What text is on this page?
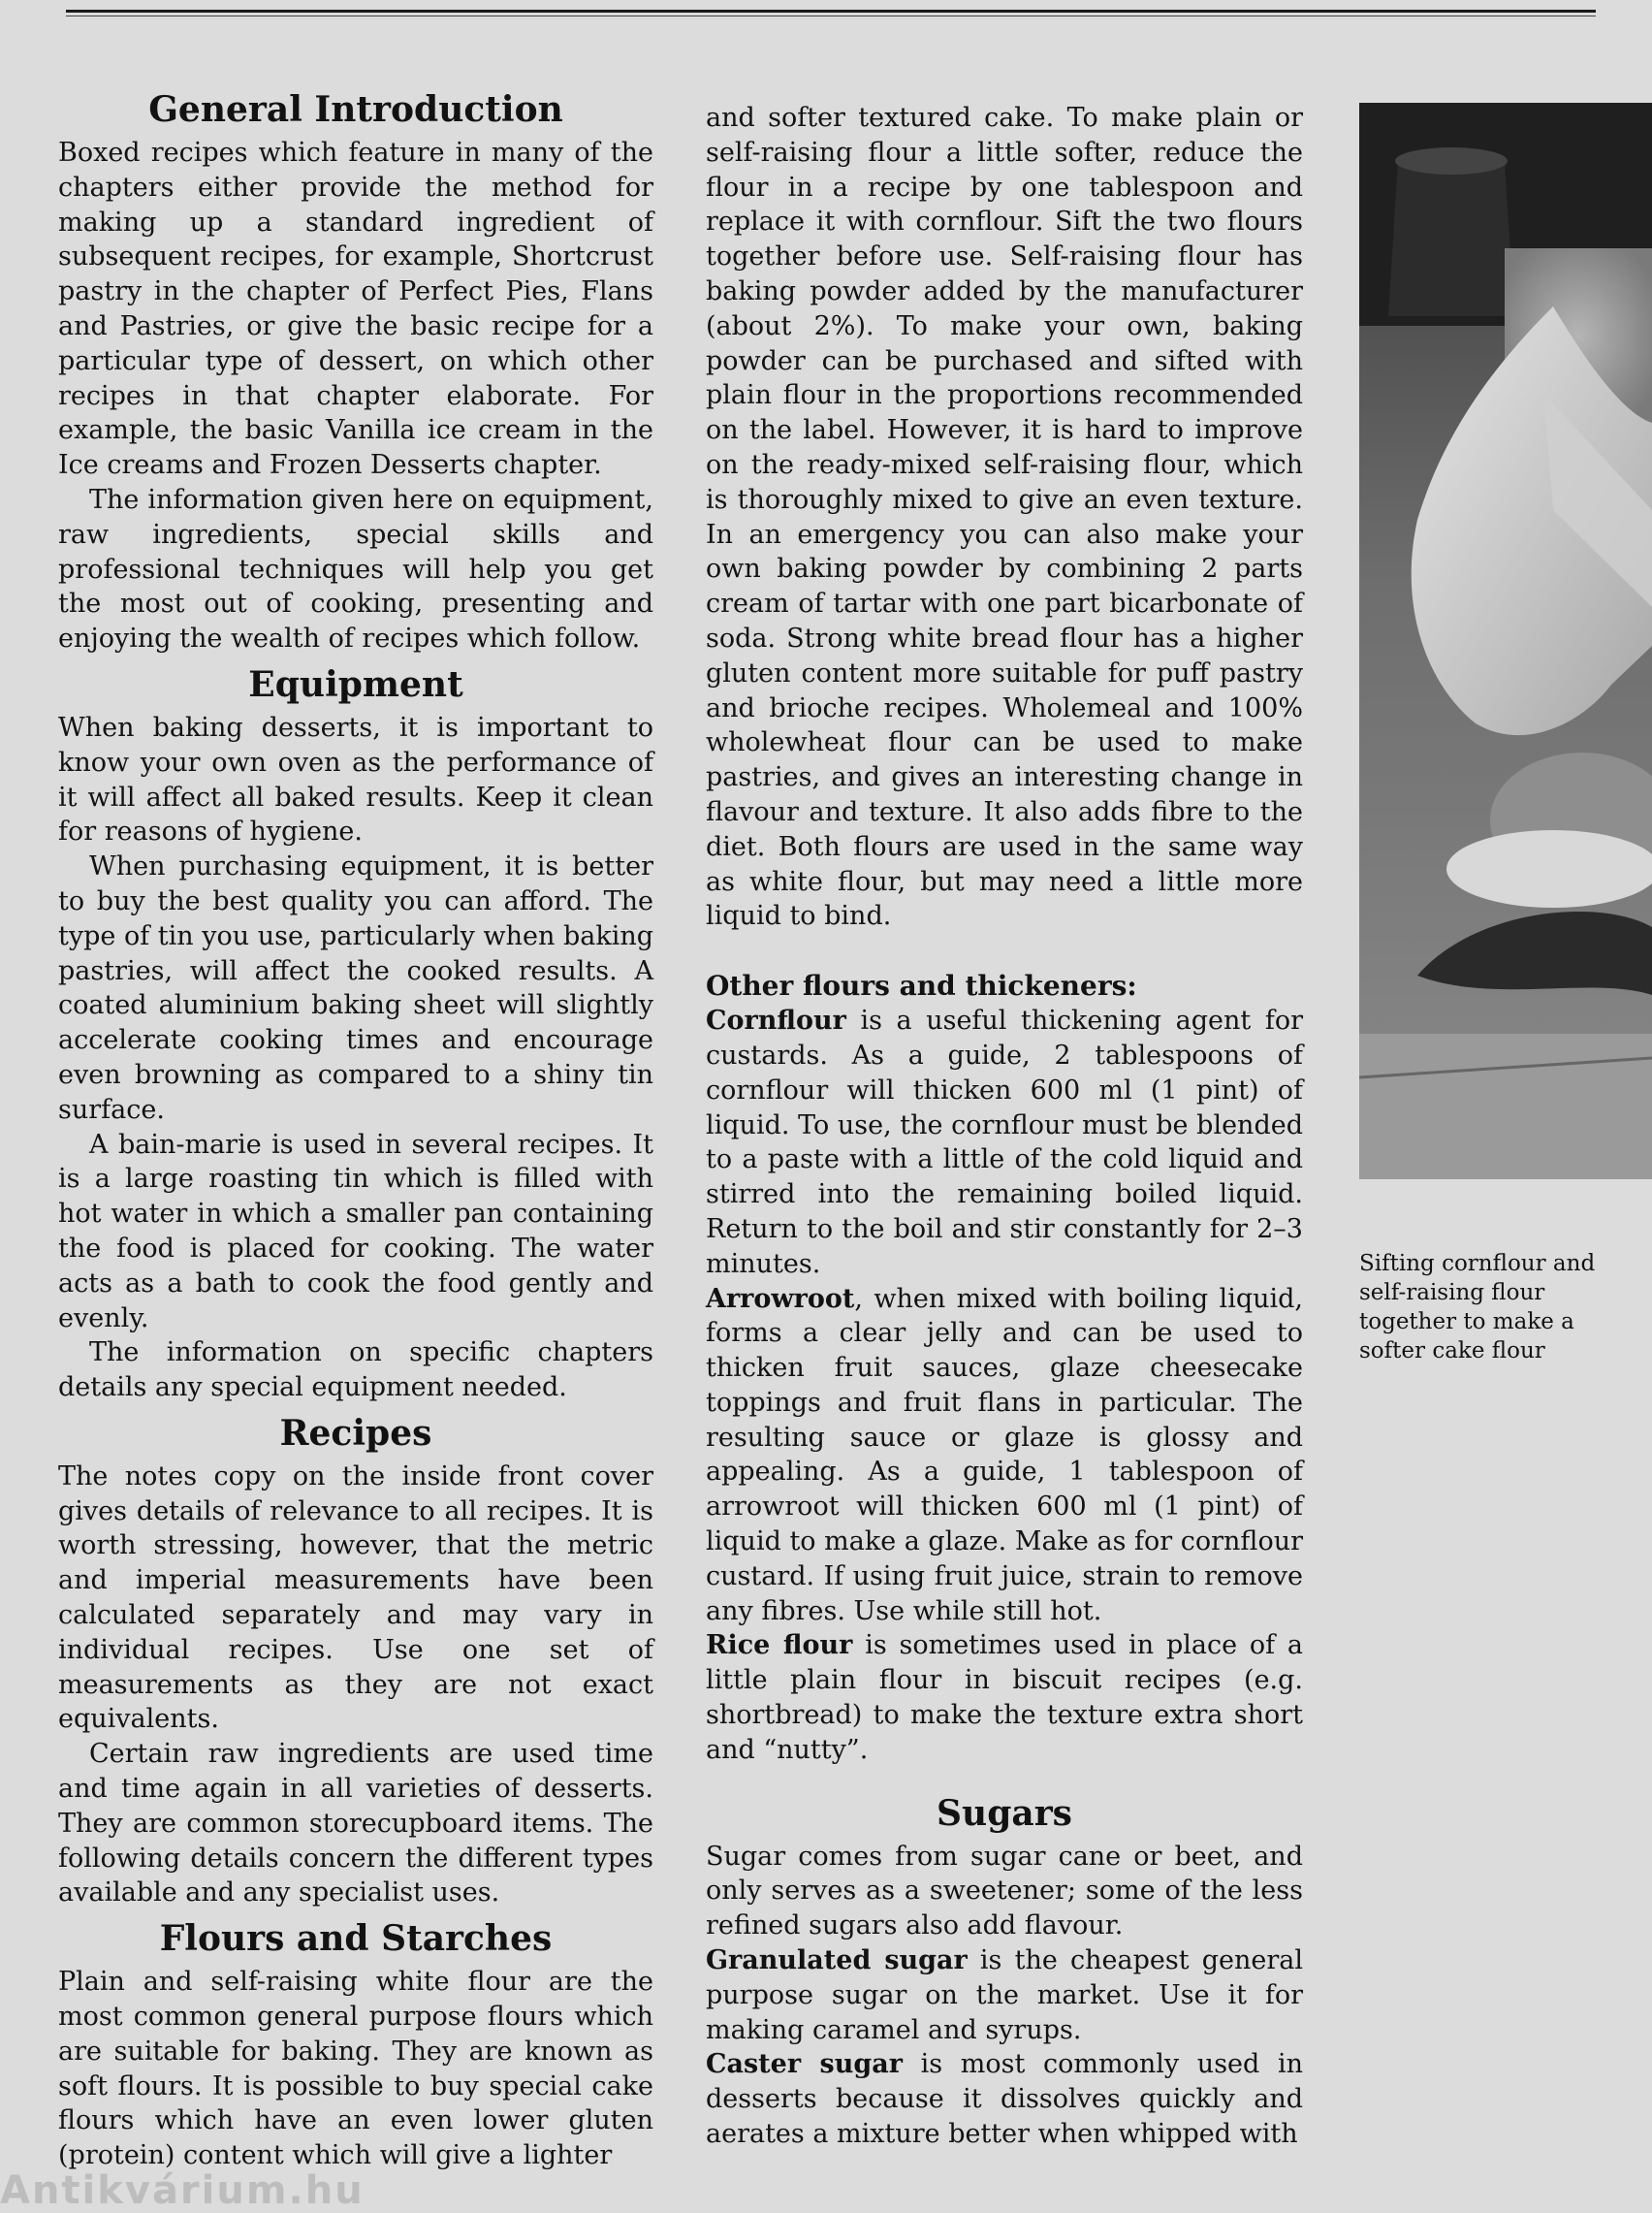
General Introduction

Boxed recipes which feature in many of the chapters either provide the method for making up a standard ingredient of subsequent recipes, for example, Shortcrust pastry in the chapter of Perfect Pies, Flans and Pastries, or give the basic recipe for a particular type of dessert, on which other recipes in that chapter elaborate. For example, the basic Vanilla ice cream in the Ice creams and Frozen Desserts chapter.

The information given here on equipment, raw ingredients, special skills and professional techniques will help you get the most out of cooking, presenting and enjoying the wealth of recipes which follow.

Equipment

When baking desserts, it is important to know your own oven as the performance of it will affect all baked results. Keep it clean for reasons of hygiene.

When purchasing equipment, it is better to buy the best quality you can afford. The type of tin you use, particularly when baking pastries, will affect the cooked results. A coated aluminium baking sheet will slightly accelerate cooking times and encourage even browning as compared to a shiny tin surface.

A bain-marie is used in several recipes. It is a large roasting tin which is filled with hot water in which a smaller pan containing the food is placed for cooking. The water acts as a bath to cook the food gently and evenly.

The information on specific chapters details any special equipment needed.

Recipes

The notes copy on the inside front cover gives details of relevance to all recipes. It is worth stressing, however, that the metric and imperial measurements have been calculated separately and may vary in individual recipes. Use one set of measurements as they are not exact equivalents.

Certain raw ingredients are used time and time again in all varieties of desserts. They are common storecupboard items. The following details concern the different types available and any specialist uses.

Flours and Starches

Plain and self-raising white flour are the most common general purpose flours which are suitable for baking. They are known as soft flours. It is possible to buy special cake flours which have an even lower gluten (protein) content which will give a lighter

and softer textured cake. To make plain or self-raising flour a little softer, reduce the flour in a recipe by one tablespoon and replace it with cornflour. Sift the two flours together before use. Self-raising flour has baking powder added by the manufacturer (about 2%). To make your own, baking powder can be purchased and sifted with plain flour in the proportions recommended on the label. However, it is hard to improve on the ready-mixed self-raising flour, which is thoroughly mixed to give an even texture. In an emergency you can also make your own baking powder by combining 2 parts cream of tartar with one part bicarbonate of soda. Strong white bread flour has a higher gluten content more suitable for puff pastry and brioche recipes. Wholemeal and 100% wholewheat flour can be used to make pastries, and gives an interesting change in flavour and texture. It also adds fibre to the diet. Both flours are used in the same way as white flour, but may need a little more liquid to bind.

Other flours and thickeners:

Cornflour is a useful thickening agent for custards. As a guide, 2 tablespoons of cornflour will thicken 600 ml (1 pint) of liquid. To use, the cornflour must be blended to a paste with a little of the cold liquid and stirred into the remaining boiled liquid. Return to the boil and stir constantly for 2–3 minutes.

Arrowroot, when mixed with boiling liquid, forms a clear jelly and can be used to thicken fruit sauces, glaze cheesecake toppings and fruit flans in particular. The resulting sauce or glaze is glossy and appealing. As a guide, 1 tablespoon of arrowroot will thicken 600 ml (1 pint) of liquid to make a glaze. Make as for cornflour custard. If using fruit juice, strain to remove any fibres. Use while still hot.

Rice flour is sometimes used in place of a little plain flour in biscuit recipes (e.g. shortbread) to make the texture extra short and “nutty”.

Sugars

Sugar comes from sugar cane or beet, and only serves as a sweetener; some of the less refined sugars also add flavour.

Granulated sugar is the cheapest general purpose sugar on the market. Use it for making caramel and syrups.

Caster sugar is most commonly used in desserts because it dissolves quickly and aerates a mixture better when whipped with

Sifting cornflour and self-raising flour together to make a softer cake flour
Antikvárium.hu
